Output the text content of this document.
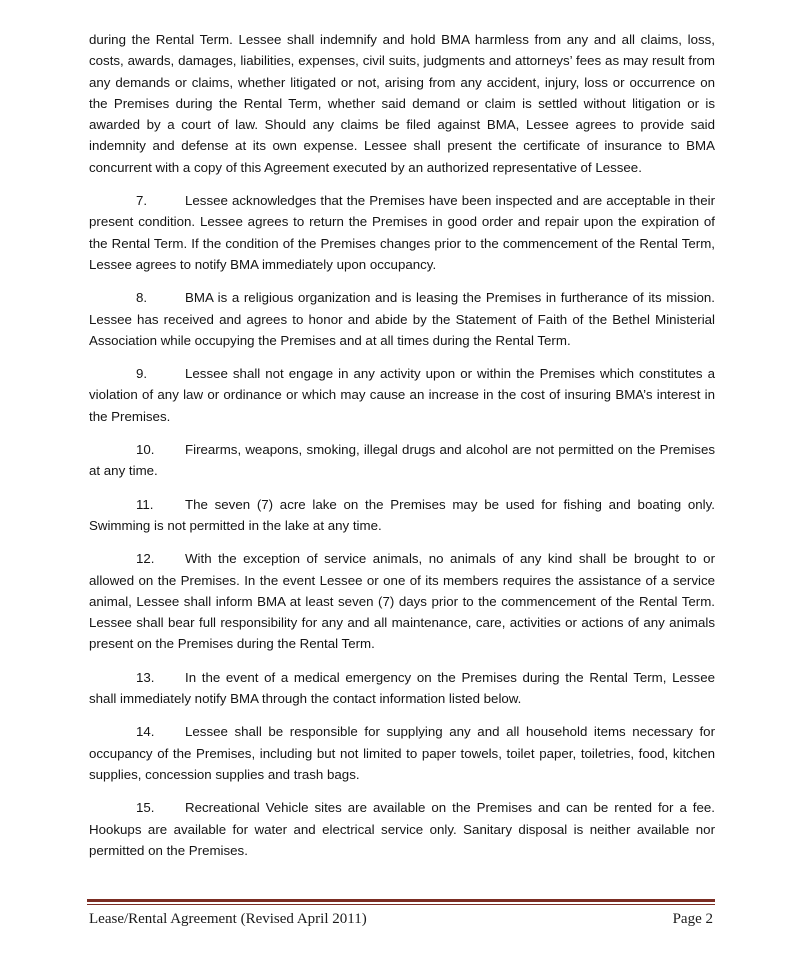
during the Rental Term. Lessee shall indemnify and hold BMA harmless from any and all claims, loss, costs, awards, damages, liabilities, expenses, civil suits, judgments and attorneys’ fees as may result from any demands or claims, whether litigated or not, arising from any accident, injury, loss or occurrence on the Premises during the Rental Term, whether said demand or claim is settled without litigation or is awarded by a court of law. Should any claims be filed against BMA, Lessee agrees to provide said indemnity and defense at its own expense. Lessee shall present the certificate of insurance to BMA concurrent with a copy of this Agreement executed by an authorized representative of Lessee.

7.	Lessee acknowledges that the Premises have been inspected and are acceptable in their present condition. Lessee agrees to return the Premises in good order and repair upon the expiration of the Rental Term. If the condition of the Premises changes prior to the commencement of the Rental Term, Lessee agrees to notify BMA immediately upon occupancy.

8.	BMA is a religious organization and is leasing the Premises in furtherance of its mission. Lessee has received and agrees to honor and abide by the Statement of Faith of the Bethel Ministerial Association while occupying the Premises and at all times during the Rental Term.

9.	Lessee shall not engage in any activity upon or within the Premises which constitutes a violation of any law or ordinance or which may cause an increase in the cost of insuring BMA’s interest in the Premises.

10. Firearms, weapons, smoking, illegal drugs and alcohol are not permitted on the Premises at any time.

11. The seven (7) acre lake on the Premises may be used for fishing and boating only. Swimming is not permitted in the lake at any time.

12. With the exception of service animals, no animals of any kind shall be brought to or allowed on the Premises. In the event Lessee or one of its members requires the assistance of a service animal, Lessee shall inform BMA at least seven (7) days prior to the commencement of the Rental Term. Lessee shall bear full responsibility for any and all maintenance, care, activities or actions of any animals present on the Premises during the Rental Term.

13. In the event of a medical emergency on the Premises during the Rental Term, Lessee shall immediately notify BMA through the contact information listed below.

14. Lessee shall be responsible for supplying any and all household items necessary for occupancy of the Premises, including but not limited to paper towels, toilet paper, toiletries, food, kitchen supplies, concession supplies and trash bags.

15. Recreational Vehicle sites are available on the Premises and can be rented for a fee. Hookups are available for water and electrical service only. Sanitary disposal is neither available nor permitted on the Premises.

Lease/Rental Agreement (Revised April 2011)	Page 2
